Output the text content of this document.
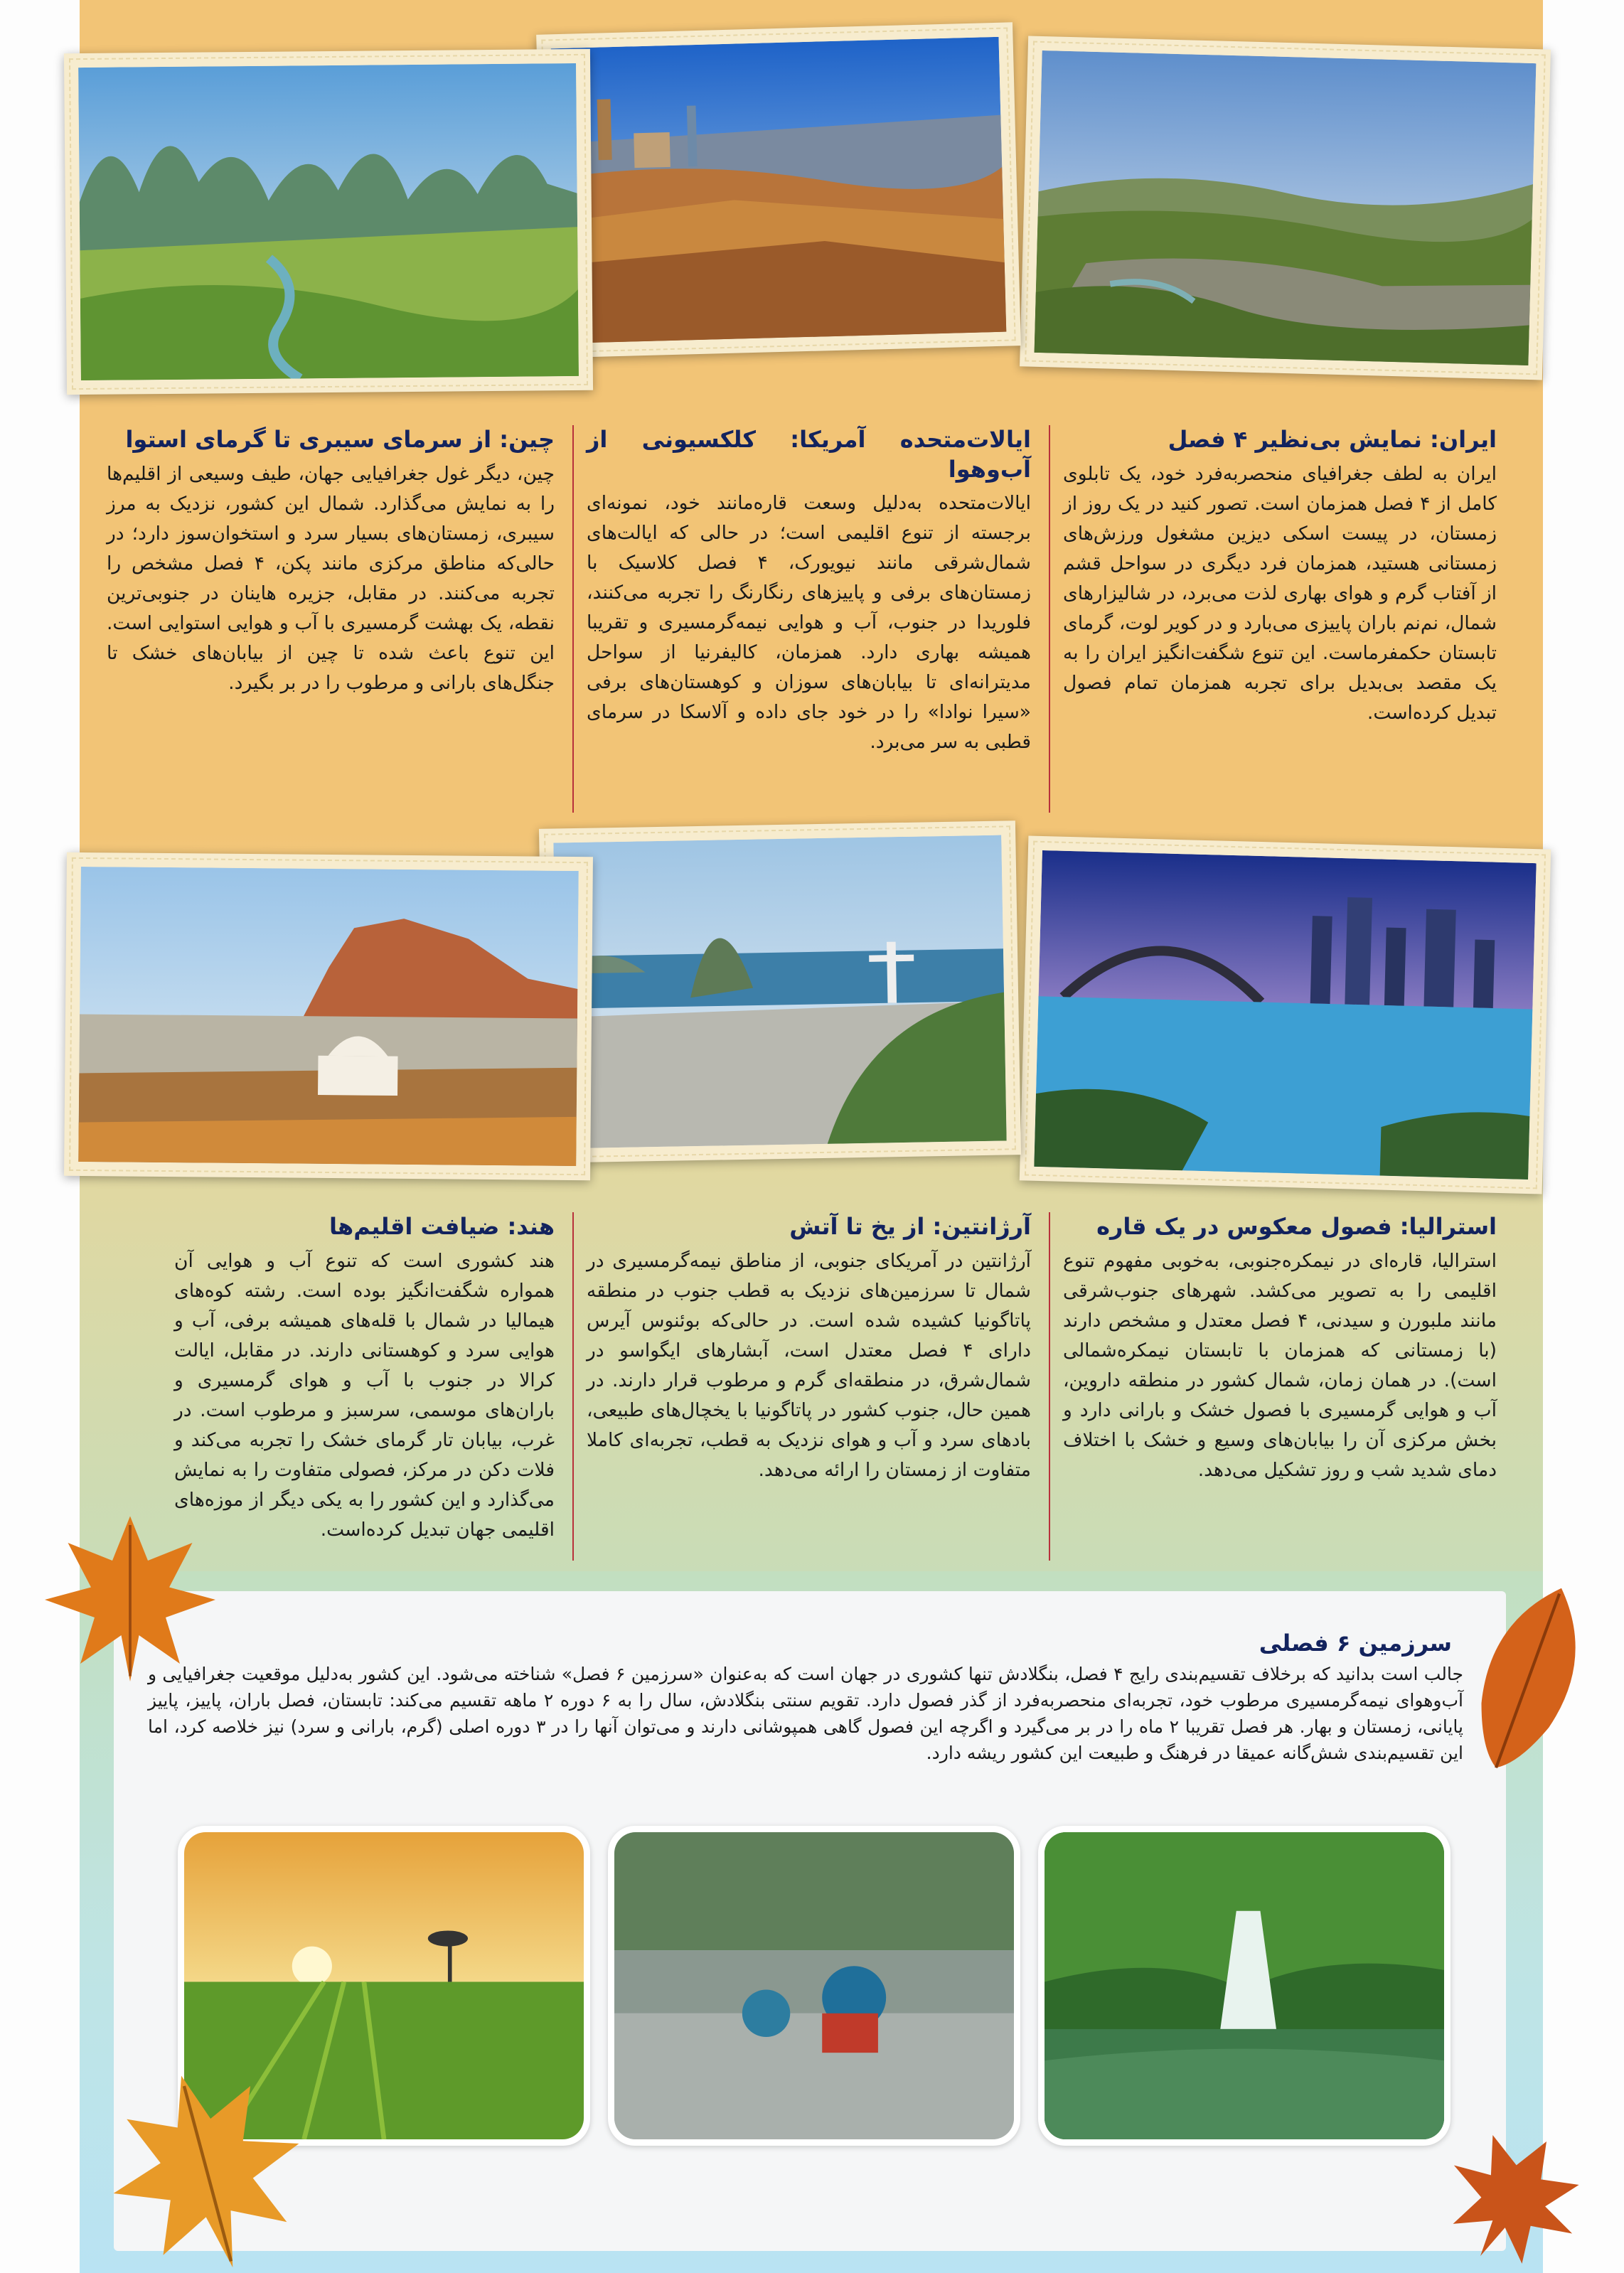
ایران: نمایش بی‌نظیر ۴ فصل

ایران به لطف جغرافیای منحصربه‌فرد خود، یک تابلوی کامل از ۴ فصل همزمان است. تصور کنید در یک روز از زمستان، در پیست اسکی دیزین مشغول ورزش‌های زمستانی هستید، همزمان فرد دیگری در سواحل قشم از آفتاب گرم و هوای بهاری لذت می‌برد، در شالیزارهای شمال، نم‌نم باران پاییزی می‌بارد و در کویر لوت، گرمای تابستان حکمفرماست. این تنوع شگفت‌انگیز ایران را به یک مقصد بی‌بدیل برای تجربه همزمان تمام فصول تبدیل کرده‌است.

ایالات‌متحده آمریکا: کلکسیونی از آب‌وهوا

ایالات‌متحده به‌دلیل وسعت قاره‌مانند خود، نمونه‌ای برجسته از تنوع اقلیمی است؛ در حالی که ایالت‌های شمال‌شرقی مانند نیویورک، ۴ فصل کلاسیک با زمستان‌های برفی و پاییزهای رنگارنگ را تجربه می‌کنند، فلوریدا در جنوب، آب و هوایی نیمه‌گرمسیری و تقریبا همیشه بهاری دارد. همزمان، کالیفرنیا از سواحل مدیترانه‌ای تا بیابان‌های سوزان و کوهستان‌های برفی «سیرا نوادا» را در خود جای داده و آلاسکا در سرمای قطبی به سر می‌برد.

چین: از سرمای سیبری تا گرمای استوا

چین، دیگر غول جغرافیایی جهان، طیف وسیعی از اقلیم‌ها را به نمایش می‌گذارد. شمال این کشور، نزدیک به مرز سیبری، زمستان‌های بسیار سرد و استخوان‌سوز دارد؛ در حالی‌که مناطق مرکزی مانند پکن، ۴ فصل مشخص را تجربه می‌کنند. در مقابل، جزیره هاینان در جنوبی‌ترین نقطه، یک بهشت گرمسیری با آب و هوایی استوایی است. این تنوع باعث شده تا چین از بیابان‌های خشک تا جنگل‌های بارانی و مرطوب را در بر بگیرد.

استرالیا: فصول معکوس در یک قاره

استرالیا، قاره‌ای در نیمکره‌جنوبی، به‌خوبی مفهوم تنوع اقلیمی را به تصویر می‌کشد. شهرهای جنوب‌شرقی مانند ملبورن و سیدنی، ۴ فصل معتدل و مشخص دارند (با زمستانی که همزمان با تابستان نیمکره‌شمالی است). در همان زمان، شمال کشور در منطقه داروین، آب و هوایی گرمسیری با فصول خشک و بارانی دارد و بخش مرکزی آن را بیابان‌های وسیع و خشک با اختلاف دمای شدید شب و روز تشکیل می‌دهد.

آرژانتین: از یخ تا آتش

آرژانتین در آمریکای جنوبی، از مناطق نیمه‌گرمسیری در شمال تا سرزمین‌های نزدیک به قطب جنوب در منطقه پاتاگونیا کشیده شده است. در حالی‌که بوئنوس آیرس دارای ۴ فصل معتدل است، آبشارهای ایگواسو در شمال‌شرق، در منطقه‌ای گرم و مرطوب قرار دارند. در همین حال، جنوب کشور در پاتاگونیا با یخچال‌های طبیعی، بادهای سرد و آب و هوای نزدیک به قطب، تجربه‌ای کاملا متفاوت از زمستان را ارائه می‌دهد.

هند: ضیافت اقلیم‌ها

هند کشوری است که تنوع آب و هوایی آن همواره شگفت‌انگیز بوده است. رشته کوه‌های هیمالیا در شمال با قله‌های همیشه برفی، آب و هوایی سرد و کوهستانی دارند. در مقابل، ایالت کرالا در جنوب با آب و هوای گرمسیری و باران‌های موسمی، سرسبز و مرطوب است. در غرب، بیابان تار گرمای خشک را تجربه می‌کند و فلات دکن در مرکز، فصولی متفاوت را به نمایش می‌گذارد و این کشور را به یکی دیگر از موزه‌های اقلیمی جهان تبدیل کرده‌است.

سرزمین ۶ فصلی

جالب است بدانید که برخلاف تقسیم‌بندی رایج ۴ فصل، بنگلادش تنها کشوری در جهان است که به‌عنوان «سرزمین ۶ فصل» شناخته می‌شود. این کشور به‌دلیل موقعیت جغرافیایی و آب‌وهوای نیمه‌گرمسیری مرطوب خود، تجربه‌ای منحصربه‌فرد از گذر فصول دارد. تقویم سنتی بنگلادش، سال را به ۶ دوره ۲ ماهه تقسیم می‌کند: تابستان، فصل باران، پاییز، پاییز پایانی، زمستان و بهار. هر فصل تقریبا ۲ ماه را در بر می‌گیرد و اگرچه این فصول گاهی همپوشانی دارند و می‌توان آنها را در ۳ دوره اصلی (گرم، بارانی و سرد) نیز خلاصه کرد، اما این تقسیم‌بندی شش‌گانه عمیقا در فرهنگ و طبیعت این کشور ریشه دارد.
